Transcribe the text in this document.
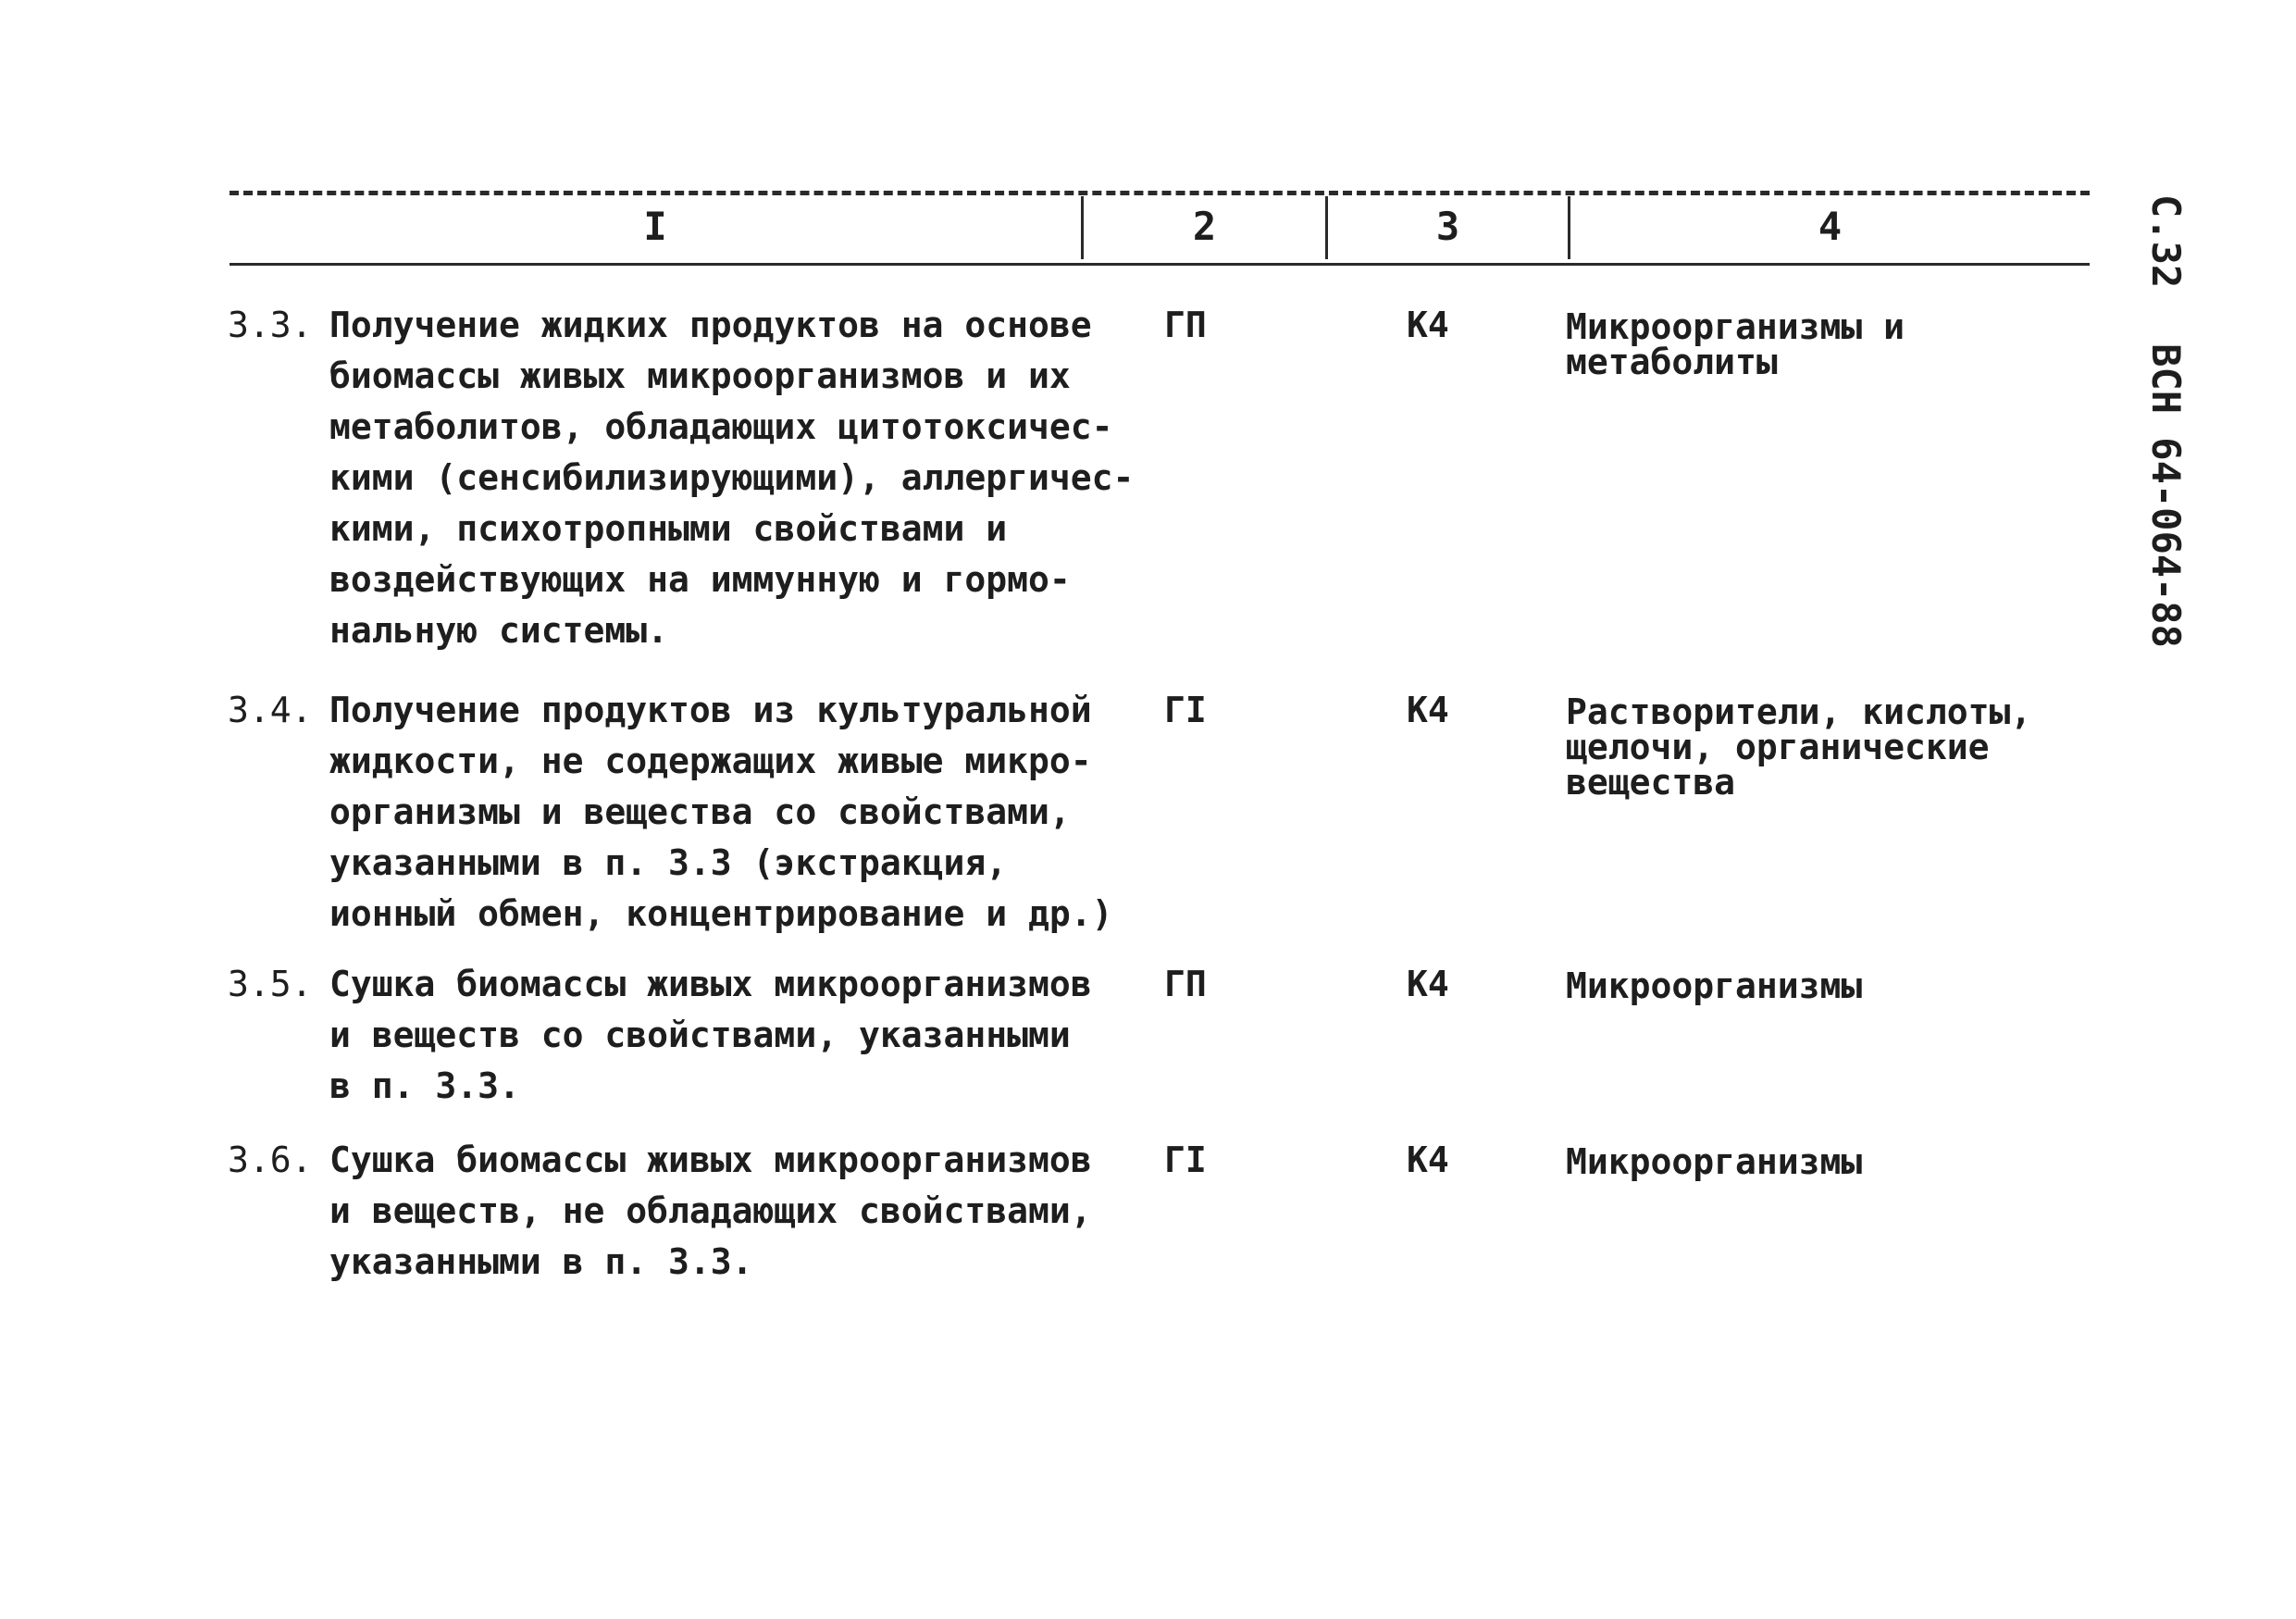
С.32
ВСН 64-064-88
I	2	3	4
3.3. Получение жидких продуктов на основе
биомассы живых микроорганизмов и их
метаболитов, обладающих цитотоксичес-
кими (сенсибилизирующими), аллергичес-
кими, психотропными свойствами и
воздействующих на иммунную и гормо-
нальную системы.
ГП	К4	Микроорганизмы и
метаболиты
3.4. Получение продуктов из культуральной
жидкости, не содержащих живые микро-
организмы и вещества со свойствами,
указанными в п. 3.3 (экстракция,
ионный обмен, концентрирование и др.)
ГI	К4	Растворители, кислоты,
щелочи, органические
вещества
3.5. Сушка биомассы живых микроорганизмов
и веществ со свойствами, указанными
в п. 3.3.
ГП	К4	Микроорганизмы
3.6. Сушка биомассы живых микроорганизмов
и веществ, не обладающих свойствами,
указанными в п. 3.3.
ГI	К4	Микроорганизмы
